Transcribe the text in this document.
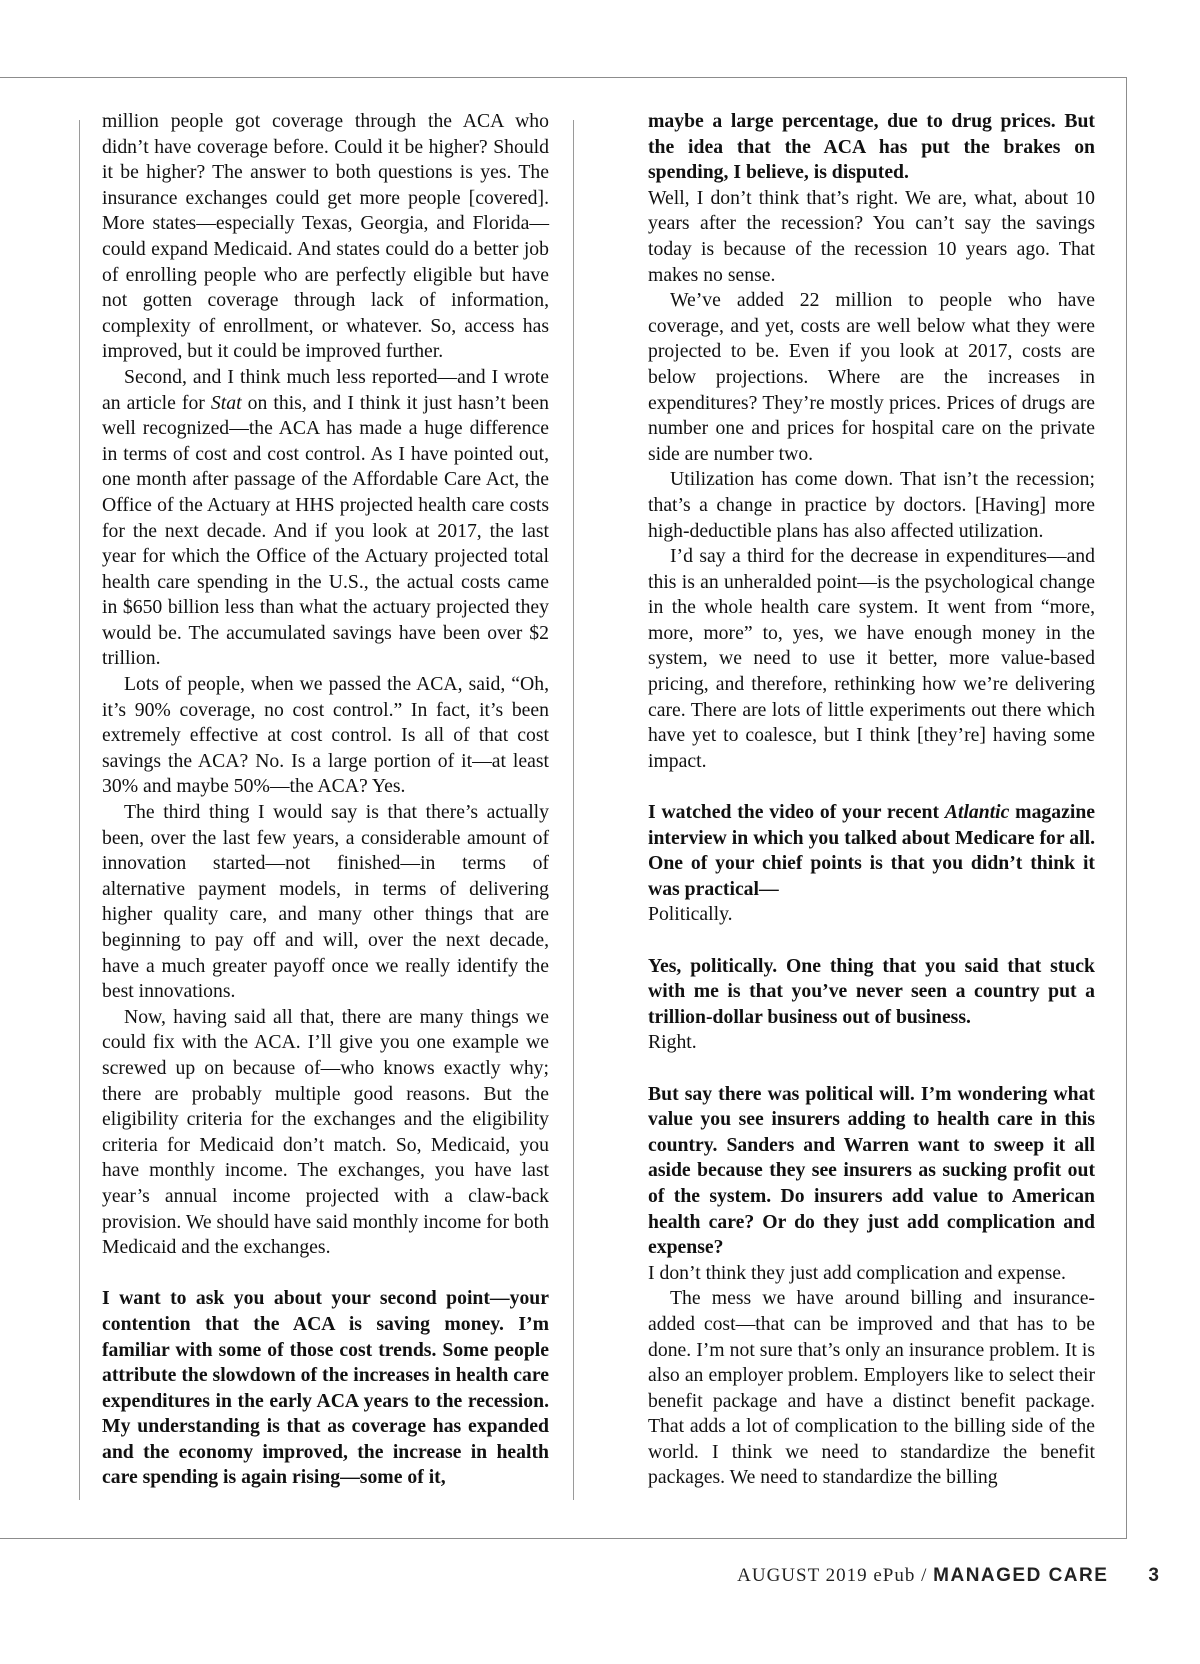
million people got coverage through the ACA who didn’t have coverage before. Could it be higher? Should it be higher? The answer to both questions is yes. The insurance exchanges could get more people [covered]. More states—especially Texas, Georgia, and Florida—could expand Medicaid. And states could do a better job of enrolling people who are perfectly eligible but have not gotten coverage through lack of information, complexity of enrollment, or whatever. So, access has improved, but it could be improved further.

Second, and I think much less reported—and I wrote an article for Stat on this, and I think it just hasn’t been well recognized—the ACA has made a huge difference in terms of cost and cost control. As I have pointed out, one month after passage of the Affordable Care Act, the Office of the Actuary at HHS projected health care costs for the next decade. And if you look at 2017, the last year for which the Office of the Actuary projected total health care spending in the U.S., the actual costs came in $650 billion less than what the actuary projected they would be. The accumulated savings have been over $2 trillion.

Lots of people, when we passed the ACA, said, “Oh, it’s 90% coverage, no cost control.” In fact, it’s been extremely effective at cost control. Is all of that cost savings the ACA? No. Is a large portion of it—at least 30% and maybe 50%—the ACA? Yes.

The third thing I would say is that there’s actually been, over the last few years, a considerable amount of innovation started—not finished—in terms of alternative payment models, in terms of delivering higher quality care, and many other things that are beginning to pay off and will, over the next decade, have a much greater payoff once we really identify the best innovations.

Now, having said all that, there are many things we could fix with the ACA. I’ll give you one example we screwed up on because of—who knows exactly why; there are probably multiple good reasons. But the eligibility criteria for the exchanges and the eligibility criteria for Medicaid don’t match. So, Medicaid, you have monthly income. The exchanges, you have last year’s annual income projected with a claw-back provision. We should have said monthly income for both Medicaid and the exchanges.

I want to ask you about your second point—your contention that the ACA is saving money. I’m familiar with some of those cost trends. Some people attribute the slowdown of the increases in health care expenditures in the early ACA years to the recession. My understanding is that as coverage has expanded and the economy improved, the increase in health care spending is again rising—some of it,

maybe a large percentage, due to drug prices. But the idea that the ACA has put the brakes on spending, I believe, is disputed.

Well, I don’t think that’s right. We are, what, about 10 years after the recession? You can’t say the savings today is because of the recession 10 years ago. That makes no sense.

We’ve added 22 million to people who have coverage, and yet, costs are well below what they were projected to be. Even if you look at 2017, costs are below projections. Where are the increases in expenditures? They’re mostly prices. Prices of drugs are number one and prices for hospital care on the private side are number two.

Utilization has come down. That isn’t the recession; that’s a change in practice by doctors. [Having] more high-deductible plans has also affected utilization.

I’d say a third for the decrease in expenditures—and this is an unheralded point—is the psychological change in the whole health care system. It went from “more, more, more” to, yes, we have enough money in the system, we need to use it better, more value-based pricing, and therefore, rethinking how we’re delivering care. There are lots of little experiments out there which have yet to coalesce, but I think [they’re] having some impact.

I watched the video of your recent Atlantic magazine interview in which you talked about Medicare for all. One of your chief points is that you didn’t think it was practical—

Politically.

Yes, politically. One thing that you said that stuck with me is that you’ve never seen a country put a trillion-dollar business out of business.

Right.

But say there was political will. I’m wondering what value you see insurers adding to health care in this country. Sanders and Warren want to sweep it all aside because they see insurers as sucking profit out of the system. Do insurers add value to American health care? Or do they just add complication and expense?

I don’t think they just add complication and expense.

The mess we have around billing and insurance-added cost—that can be improved and that has to be done. I’m not sure that’s only an insurance problem. It is also an employer problem. Employers like to select their benefit package and have a distinct benefit package. That adds a lot of complication to the billing side of the world. I think we need to standardize the benefit packages. We need to standardize the billing

AUGUST 2019 ePub / MANAGED CARE 3
